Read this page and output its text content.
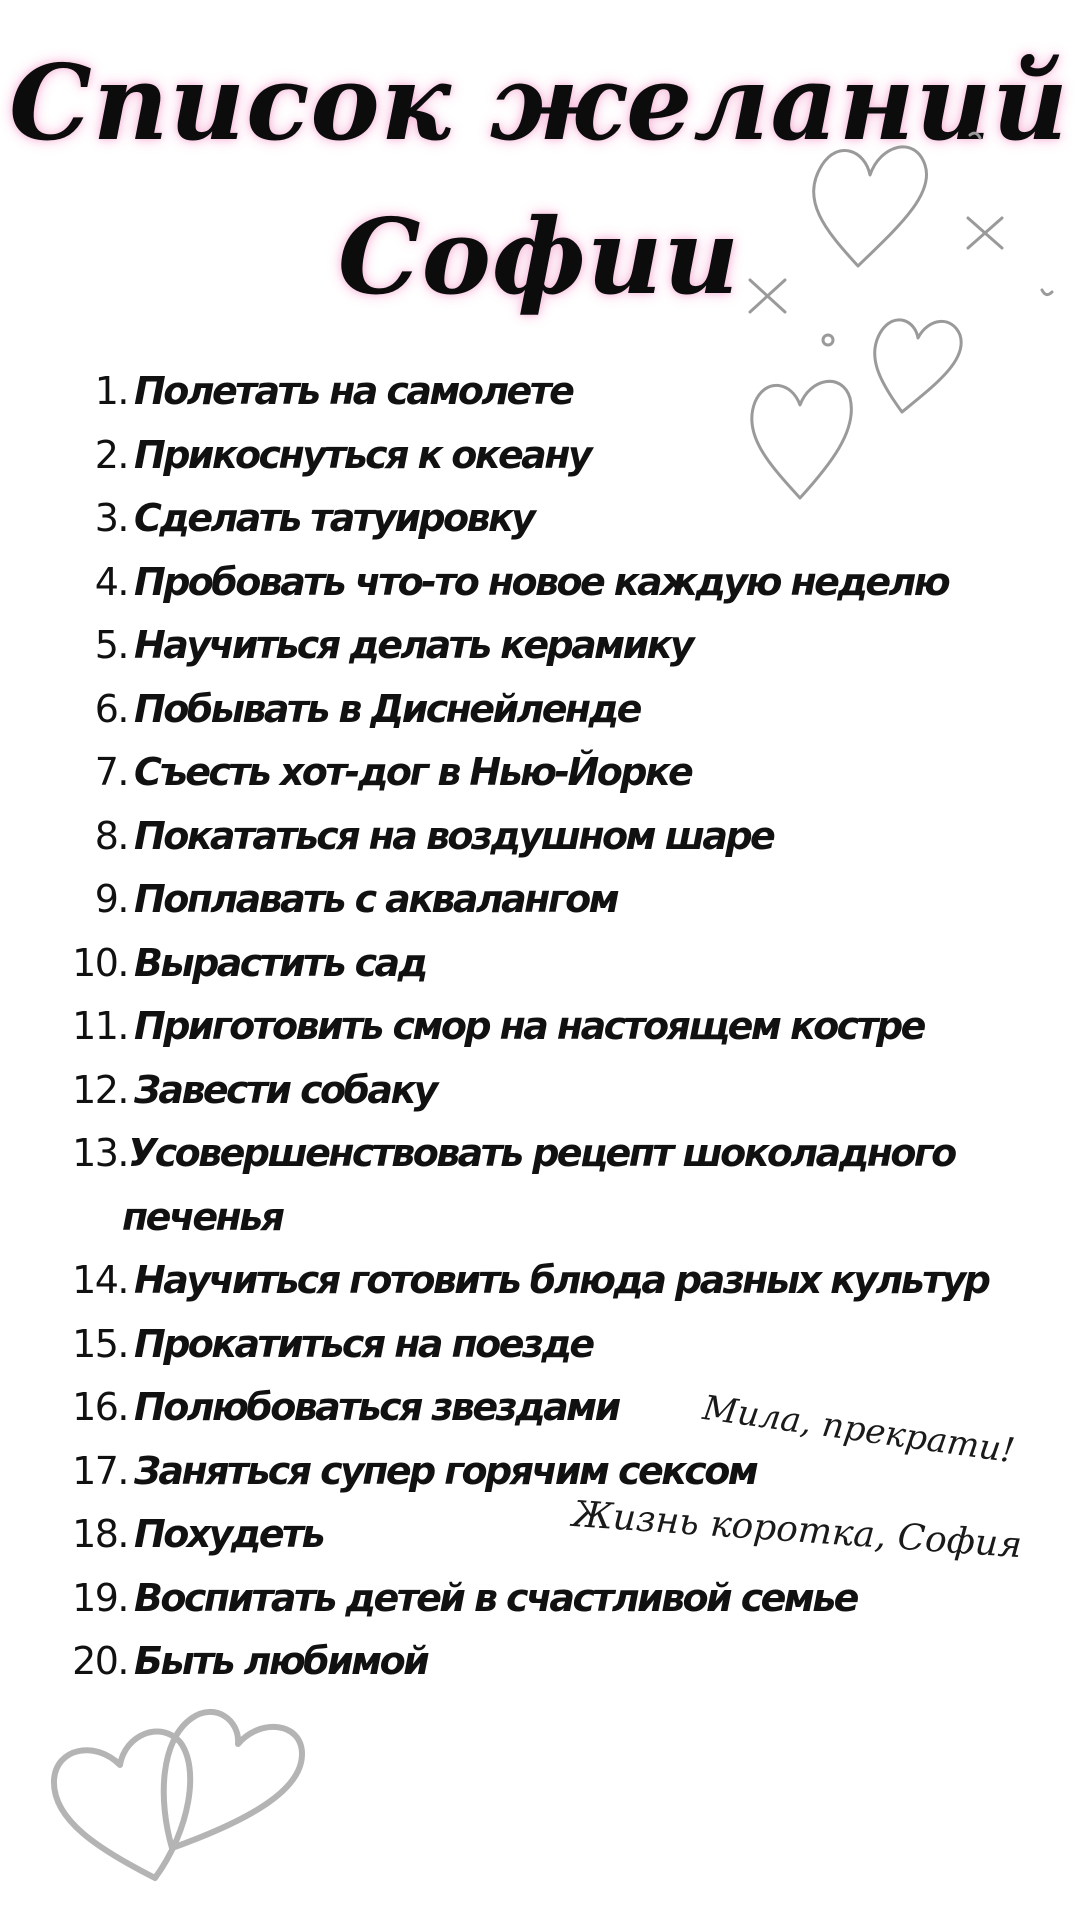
Список желаний
Софии
1. Полетать на самолете
2. Прикоснуться к океану
3. Сделать татуировку
4. Пробовать что-то новое каждую неделю
5. Научиться делать керамику
6. Побывать в Диснейленде
7. Съесть хот-дог в Нью-Йорке
8. Покататься на воздушном шаре
9. Поплавать с аквалангом
10. Вырастить сад
11. Приготовить смор на настоящем костре
12. Завести собаку
13. Усовершенствовать рецепт шоколадного
печенья
14. Научиться готовить блюда разных культур
15. Прокатиться на поезде
16. Полюбоваться звездами
17. Заняться супер горячим сексом
18. Похудеть
19. Воспитать детей в счастливой семье
20. Быть любимой
Мила, прекрати!
Жизнь коротка, София
